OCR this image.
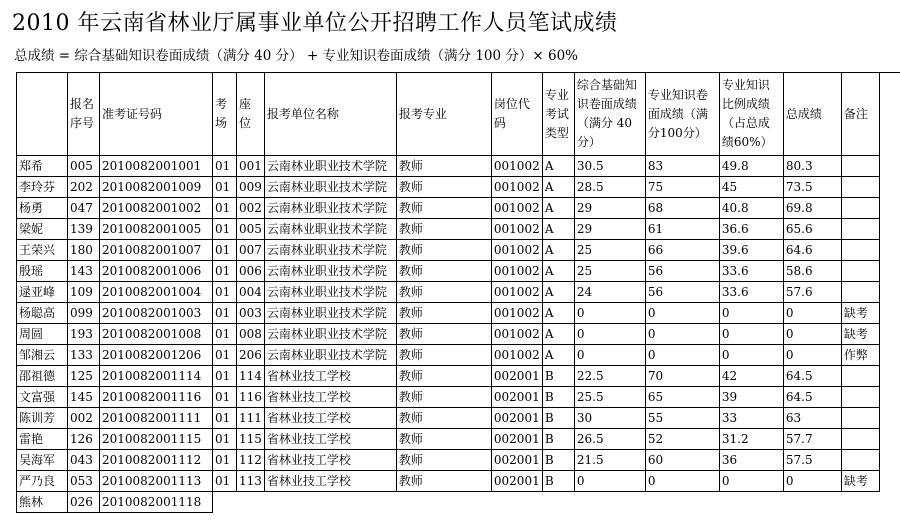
2010 年云南省林业厅属事业单位公开招聘工作人员笔试成绩
总成绩 = 综合基础知识卷面成绩（满分 40 分） + 专业知识卷面成绩（满分 100 分）× 60%
	报名序号	准考证号码	考场	座位	报考单位名称	报考专业	岗位代码	专业考试类型	综合基础知识卷面成绩（满分 40 分）	专业知识卷面成绩（满分100分）	专业知识比例成绩（占总成绩60%）	总成绩	备注
郑希	005	2010082001001	01	001	云南林业职业技术学院	教师	001002	A	30.5	83	49.8	80.3	
李玲芬	202	2010082001009	01	009	云南林业职业技术学院	教师	001002	A	28.5	75	45	73.5	
杨勇	047	2010082001002	01	002	云南林业职业技术学院	教师	001002	A	29	68	40.8	69.8	
梁妮	139	2010082001005	01	005	云南林业职业技术学院	教师	001002	A	29	61	36.6	65.6	
王荣兴	180	2010082001007	01	007	云南林业职业技术学院	教师	001002	A	25	66	39.6	64.6	
殷瑶	143	2010082001006	01	006	云南林业职业技术学院	教师	001002	A	25	56	33.6	58.6	
逯亚峰	109	2010082001004	01	004	云南林业职业技术学院	教师	001002	A	24	56	33.6	57.6	
杨聪高	099	2010082001003	01	003	云南林业职业技术学院	教师	001002	A	0	0	0	0	缺考
周圆	193	2010082001008	01	008	云南林业职业技术学院	教师	001002	A	0	0	0	0	缺考
邹湘云	133	2010082001206	01	206	云南林业职业技术学院	教师	001002	A	0	0	0	0	作弊
邵祖德	125	2010082001114	01	114	省林业技工学校	教师	002001	B	22.5	70	42	64.5	
文富强	145	2010082001116	01	116	省林业技工学校	教师	002001	B	25.5	65	39	64.5	
陈训芳	002	2010082001111	01	111	省林业技工学校	教师	002001	B	30	55	33	63	
雷艳	126	2010082001115	01	115	省林业技工学校	教师	002001	B	26.5	52	31.2	57.7	
吴海军	043	2010082001112	01	112	省林业技工学校	教师	002001	B	21.5	60	36	57.5	
严乃良	053	2010082001113	01	113	省林业技工学校	教师	002001	B	0	0	0	0	缺考
熊林	026	2010082001118											
